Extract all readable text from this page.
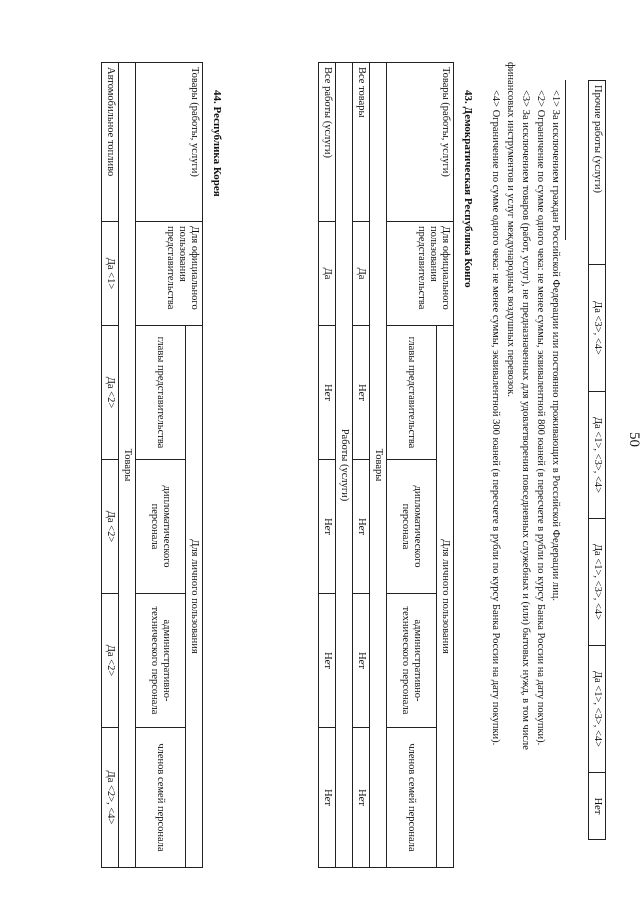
50
Прочие работы (услуги)	Да <3>, <4>	Да <1>, <3>, <4>	Да <1>, <3>, <4>	Да <1>, <3>, <4>	Нет
<1> За исключением граждан Российской Федерации или постоянно проживающих в Российской Федерации лиц.
<2> Ограничение по сумме одного чека: не менее суммы, эквивалентной 800 юаней (в пересчете в рубли по курсу Банка России на дату покупки).
<3> За исключением товаров (работ, услуг), не предназначенных для удовлетворения повседневных служебных и (или) бытовых нужд, в том числе
финансовых инструментов и услуг международных воздушных перевозок.
<4> Ограничение по сумме одного чека: не менее суммы, эквивалентной 300 юаней (в пересчете в рубли по курсу Банка России на дату покупки).
43. Демократическая Республика Конго
Товары (работы, услуги)	Для официального пользования представительства	Для личного пользования			
		главы представительства	дипломатического персонала	административно-технического персонала	членов семей персонала
Товары					
Все товары	Да	Нет	Нет	Нет	Нет
Работы (услуги)					
Все работы (услуги)	Да	Нет	Нет	Нет	Нет
44. Республика Корея
Товары (работы, услуги)	Для официального пользования представительства	Для личного пользования			
		главы представительства	дипломатического персонала	административно-технического персонала	членов семей персонала
Товары					
Автомобильное топливо	Да <1>	Да <2>	Да <2>	Да <2>	Да <2>, <4>
